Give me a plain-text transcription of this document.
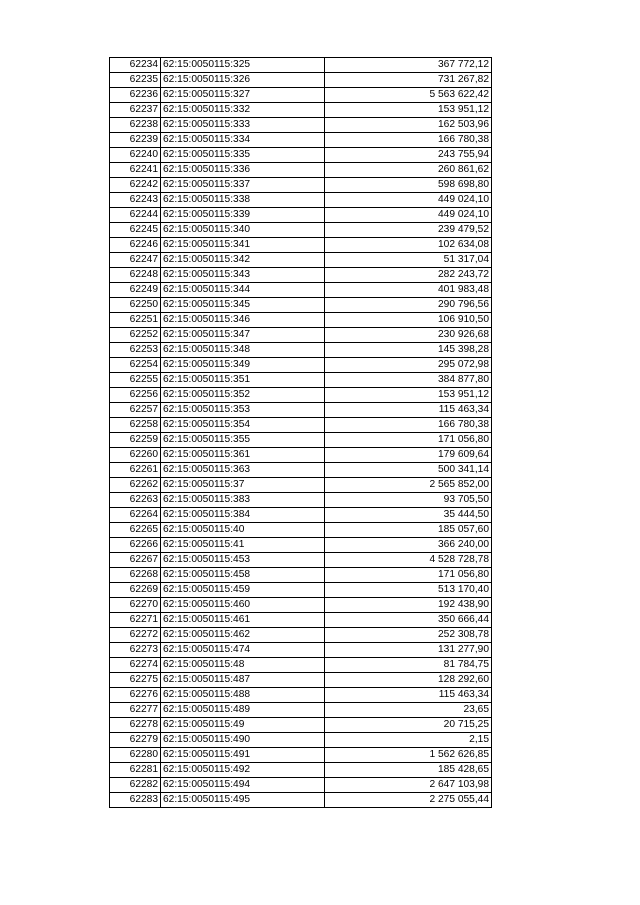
62234	62:15:0050115:325	367 772,12
62235	62:15:0050115:326	731 267,82
62236	62:15:0050115:327	5 563 622,42
62237	62:15:0050115:332	153 951,12
62238	62:15:0050115:333	162 503,96
62239	62:15:0050115:334	166 780,38
62240	62:15:0050115:335	243 755,94
62241	62:15:0050115:336	260 861,62
62242	62:15:0050115:337	598 698,80
62243	62:15:0050115:338	449 024,10
62244	62:15:0050115:339	449 024,10
62245	62:15:0050115:340	239 479,52
62246	62:15:0050115:341	102 634,08
62247	62:15:0050115:342	51 317,04
62248	62:15:0050115:343	282 243,72
62249	62:15:0050115:344	401 983,48
62250	62:15:0050115:345	290 796,56
62251	62:15:0050115:346	106 910,50
62252	62:15:0050115:347	230 926,68
62253	62:15:0050115:348	145 398,28
62254	62:15:0050115:349	295 072,98
62255	62:15:0050115:351	384 877,80
62256	62:15:0050115:352	153 951,12
62257	62:15:0050115:353	115 463,34
62258	62:15:0050115:354	166 780,38
62259	62:15:0050115:355	171 056,80
62260	62:15:0050115:361	179 609,64
62261	62:15:0050115:363	500 341,14
62262	62:15:0050115:37	2 565 852,00
62263	62:15:0050115:383	93 705,50
62264	62:15:0050115:384	35 444,50
62265	62:15:0050115:40	185 057,60
62266	62:15:0050115:41	366 240,00
62267	62:15:0050115:453	4 528 728,78
62268	62:15:0050115:458	171 056,80
62269	62:15:0050115:459	513 170,40
62270	62:15:0050115:460	192 438,90
62271	62:15:0050115:461	350 666,44
62272	62:15:0050115:462	252 308,78
62273	62:15:0050115:474	131 277,90
62274	62:15:0050115:48	81 784,75
62275	62:15:0050115:487	128 292,60
62276	62:15:0050115:488	115 463,34
62277	62:15:0050115:489	23,65
62278	62:15:0050115:49	20 715,25
62279	62:15:0050115:490	2,15
62280	62:15:0050115:491	1 562 626,85
62281	62:15:0050115:492	185 428,65
62282	62:15:0050115:494	2 647 103,98
62283	62:15:0050115:495	2 275 055,44
